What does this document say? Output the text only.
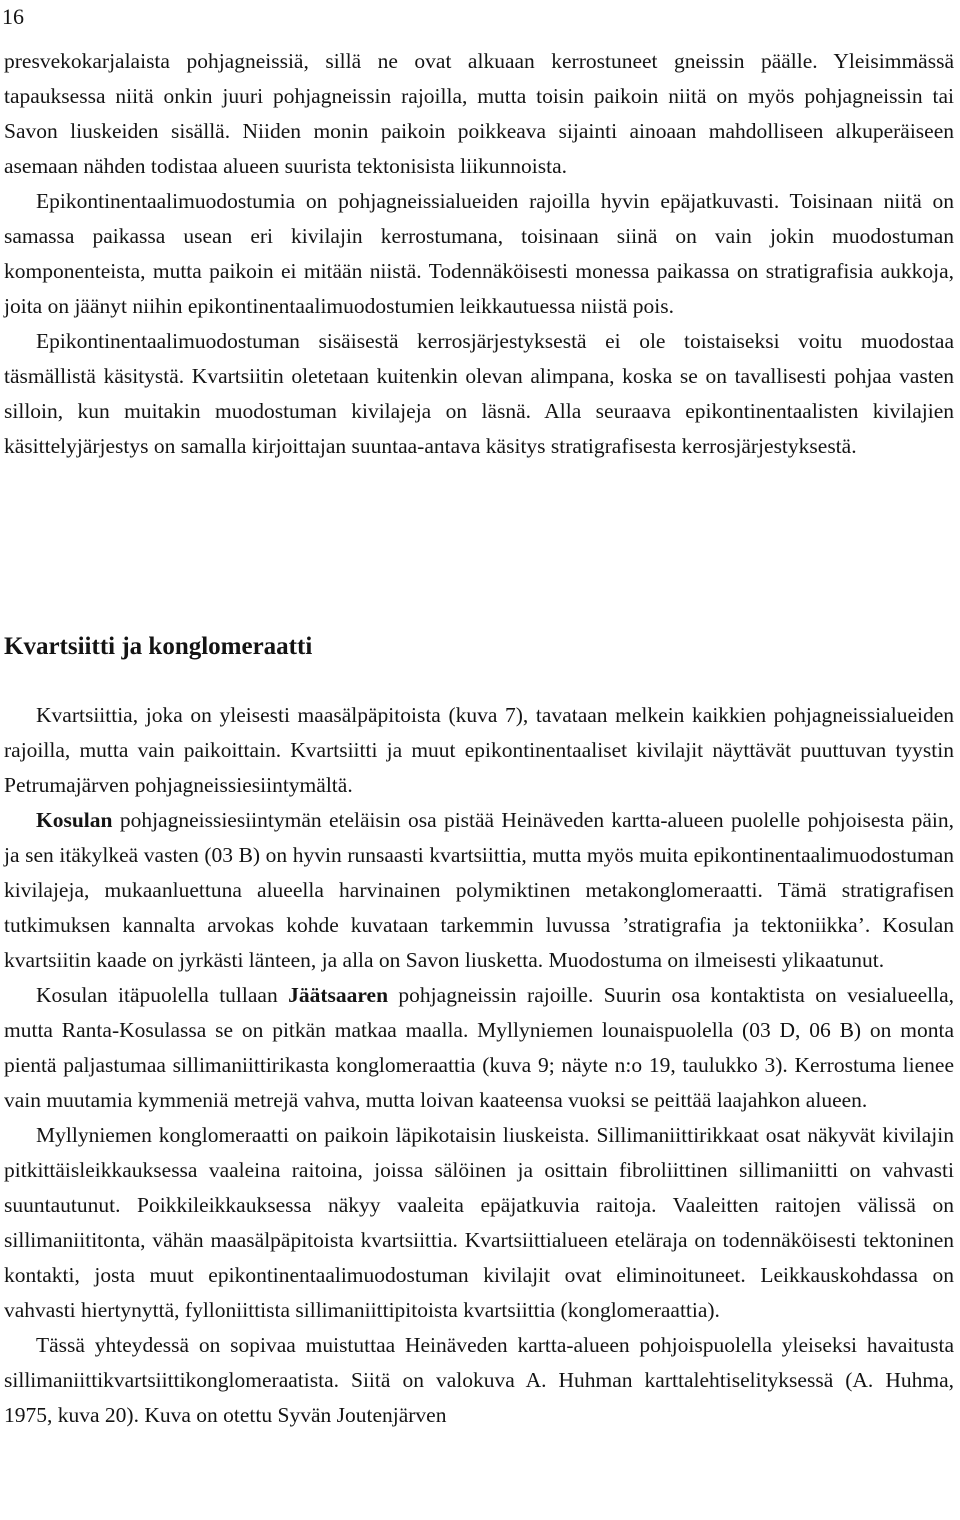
16

presvekokarjalaista pohjagneissiä, sillä ne ovat alkuaan kerrostuneet gneissin päälle. Yleisimmässä tapauksessa niitä onkin juuri pohjagneissin rajoilla, mutta toisin paikoin niitä on myös pohjagneissin tai Savon liuskeiden sisällä. Niiden monin paikoin poikkeava sijainti ainoaan mahdolliseen alkuperäiseen asemaan nähden todistaa alueen suurista tektonisista liikunnoista.

Epikontinentaalimuodostumia on pohjagneissialueiden rajoilla hyvin epäjatkuvasti. Toisinaan niitä on samassa paikassa usean eri kivilajin kerrostumana, toisinaan siinä on vain jokin muodostuman komponenteista, mutta paikoin ei mitään niistä. Todennäköisesti monessa paikassa on stratigrafisia aukkoja, joita on jäänyt niihin epikontinentaalimuodostumien leikkautuessa niistä pois.

Epikontinentaalimuodostuman sisäisestä kerrosjärjestyksestä ei ole toistaiseksi voitu muodostaa täsmällistä käsitystä. Kvartsiitin oletetaan kuitenkin olevan alimpana, koska se on tavallisesti pohjaa vasten silloin, kun muitakin muodostuman kivilajeja on läsnä. Alla seuraava epikontinentaalisten kivilajien käsittelyjärjestys on samalla kirjoittajan suuntaa-antava käsitys stratigrafisesta kerrosjärjestyksestä.

Kvartsiitti ja konglomeraatti

Kvartsiittia, joka on yleisesti maasälpäpitoista (kuva 7), tavataan melkein kaikkien pohjagneissialueiden rajoilla, mutta vain paikoittain. Kvartsiitti ja muut epikontinentaaliset kivilajit näyttävät puuttuvan tyystin Petrumajärven pohjagneissiesiintymältä.

Kosulan pohjagneissiesiintymän eteläisin osa pistää Heinäveden kartta-alueen puolelle pohjoisesta päin, ja sen itäkylkeä vasten (03 B) on hyvin runsaasti kvartsiittia, mutta myös muita epikontinentaalimuodostuman kivilajeja, mukaanluettuna alueella harvinainen polymiktinen metakonglomeraatti. Tämä stratigrafisen tutkimuksen kannalta arvokas kohde kuvataan tarkemmin luvussa ’stratigrafia ja tektoniikka’. Kosulan kvartsiitin kaade on jyrkästi länteen, ja alla on Savon liusketta. Muodostuma on ilmeisesti ylikaatunut.

Kosulan itäpuolella tullaan Jäätsaaren pohjagneissin rajoille. Suurin osa kontaktista on vesialueella, mutta Ranta-Kosulassa se on pitkän matkaa maalla. Myllyniemen lounaispuolella (03 D, 06 B) on monta pientä paljastumaa sillimaniittirikasta konglomeraattia (kuva 9; näyte n:o 19, taulukko 3). Kerrostuma lienee vain muutamia kymmeniä metrejä vahva, mutta loivan kaateensa vuoksi se peittää laajahkon alueen.

Myllyniemen konglomeraatti on paikoin läpikotaisin liuskeista. Sillimaniittirikkaat osat näkyvät kivilajin pitkittäisleikkauksessa vaaleina raitoina, joissa sälöinen ja osittain fibroliittinen sillimaniitti on vahvasti suuntautunut. Poikkileikkauksessa näkyy vaaleita epäjatkuvia raitoja. Vaaleitten raitojen välissä on sillimaniititonta, vähän maasälpäpitoista kvartsiittia. Kvartsiittialueen eteläraja on todennäköisesti tektoninen kontakti, josta muut epikontinentaalimuodostuman kivilajit ovat eliminoituneet. Leikkauskohdassa on vahvasti hiertynyttä, fylloniittista sillimaniittipitoista kvartsiittia (konglomeraattia).

Tässä yhteydessä on sopivaa muistuttaa Heinäveden kartta-alueen pohjoispuolella yleiseksi havaitusta sillimaniittikvartsiittikonglomeraatista. Siitä on valokuva A. Huhman karttalehtiselityksessä (A. Huhma, 1975, kuva 20). Kuva on otettu Syvän Joutenjärven
